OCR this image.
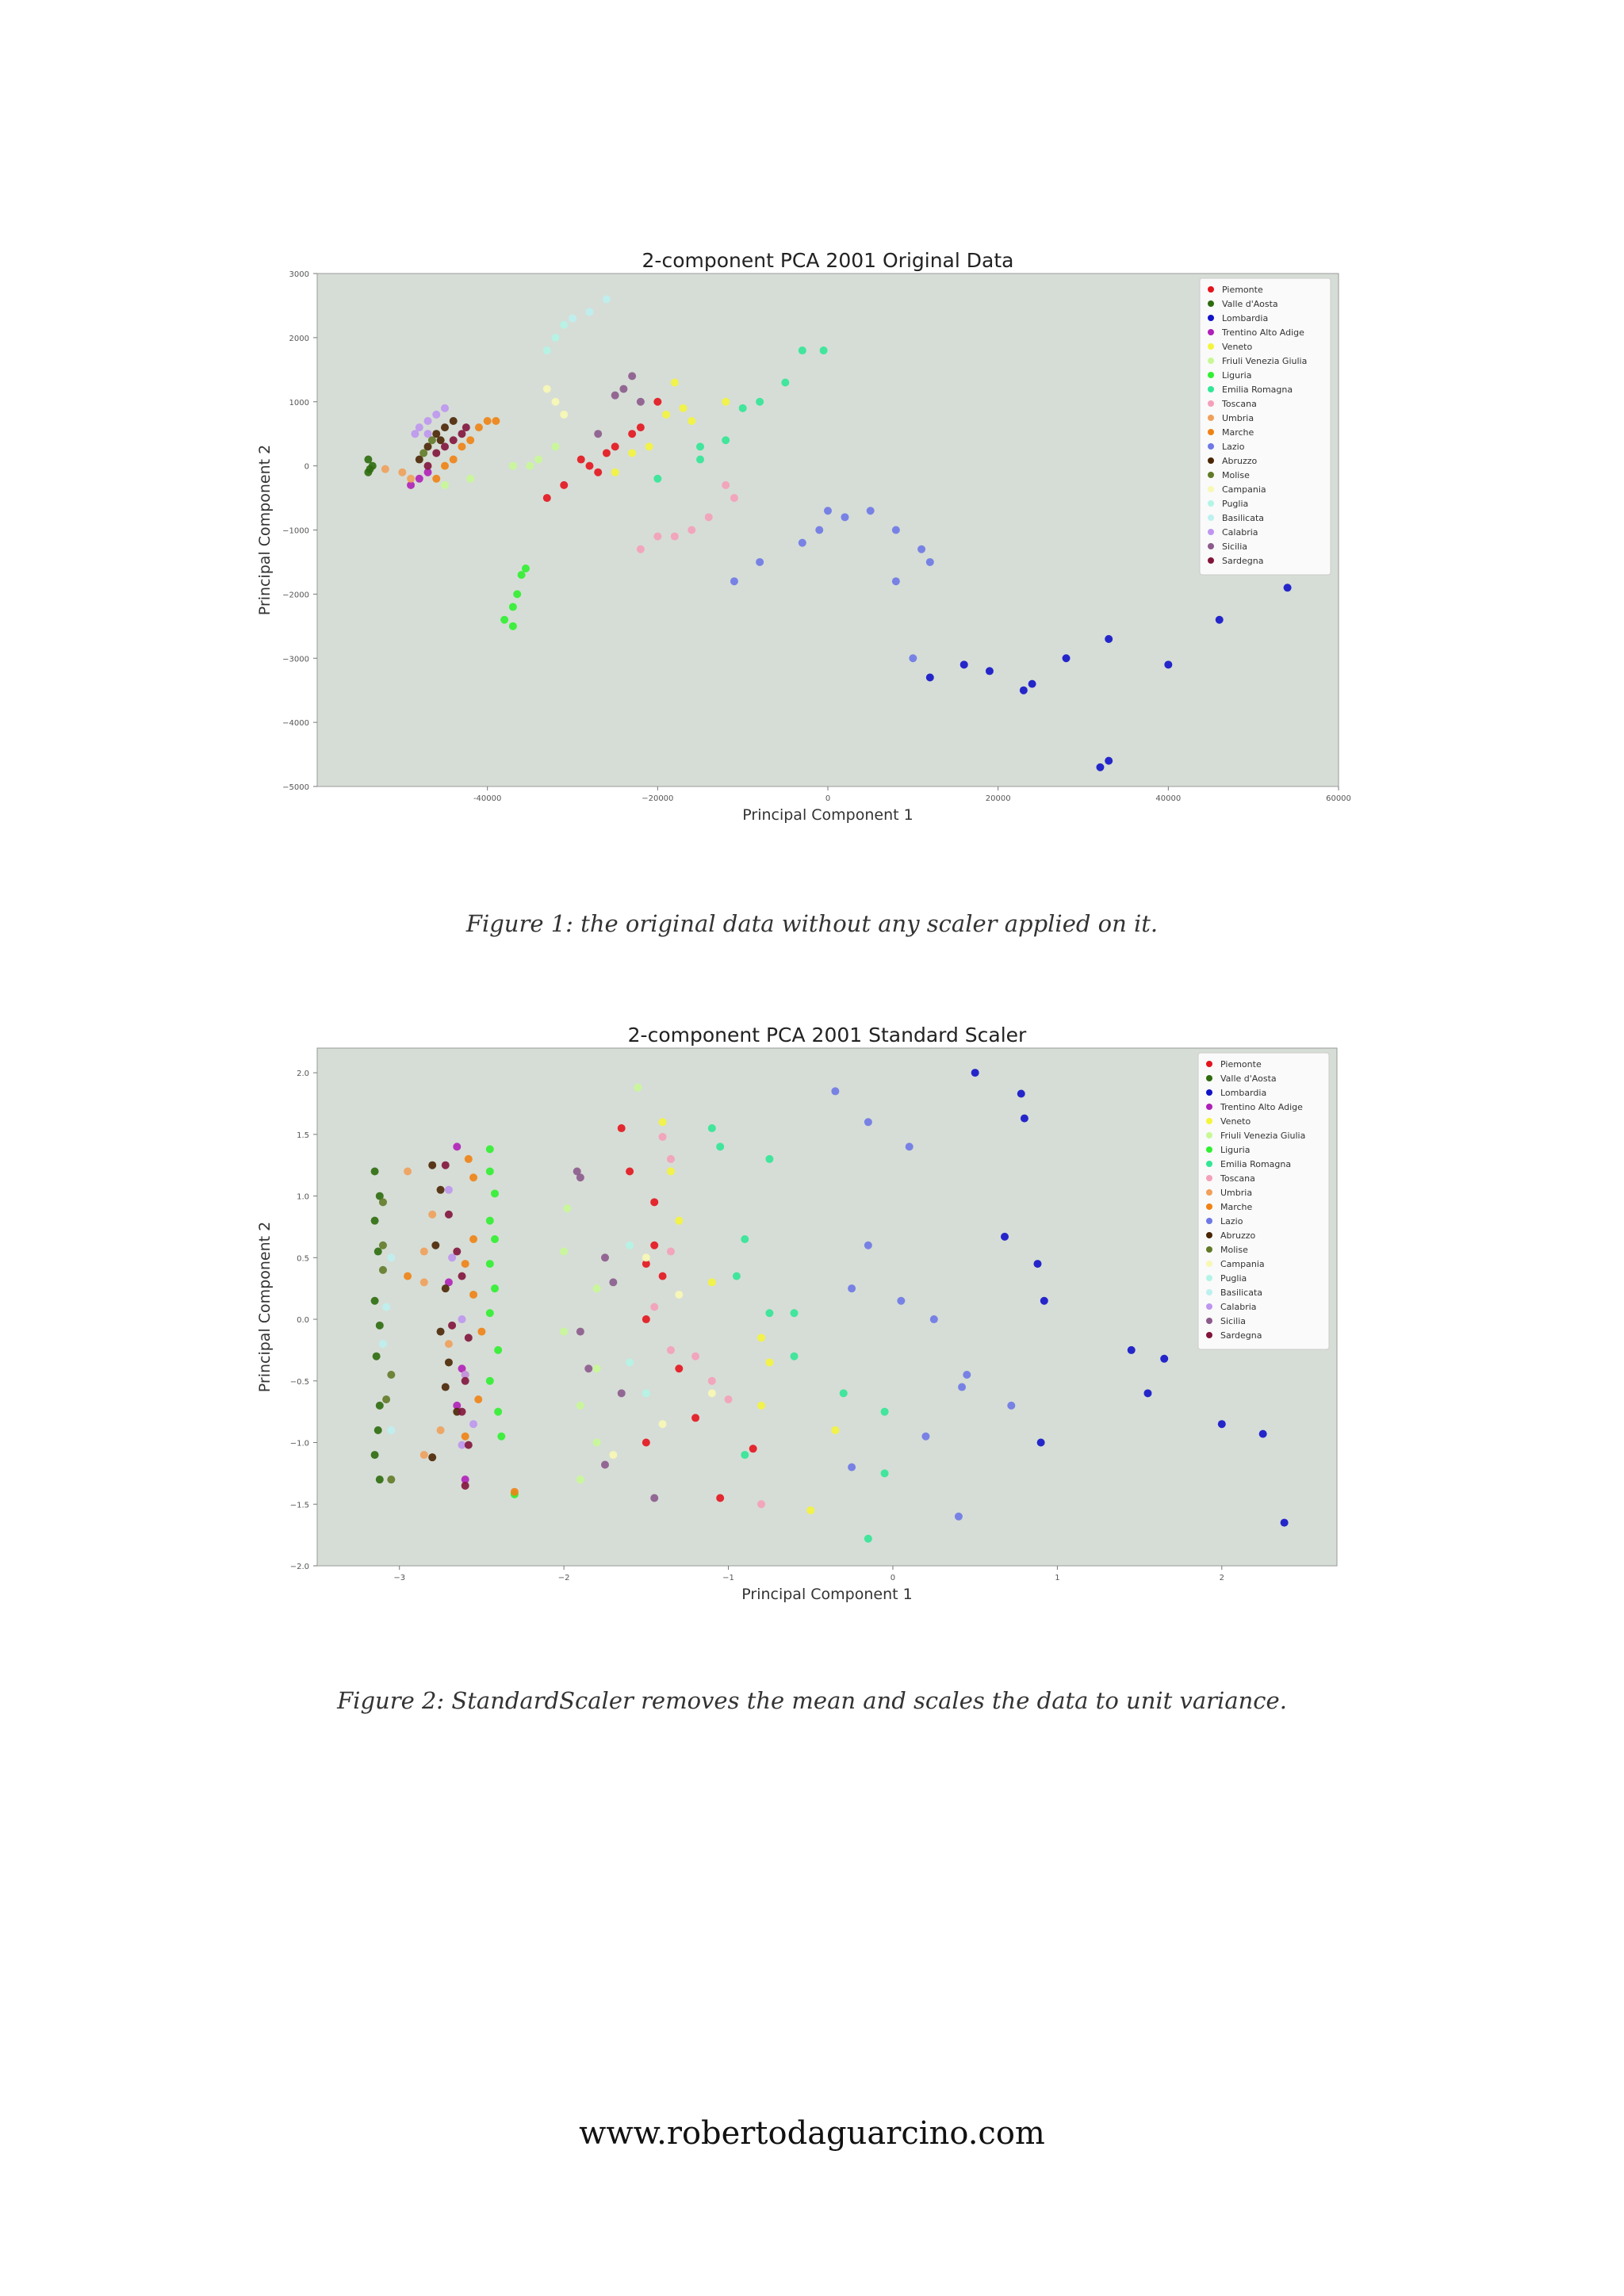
2-component PCA 2001 Original Data
Principal Component 1
Principal Component 2
-40000	−20000	0	20000	40000	60000
3000
2000
1000
0
−1000
−2000
−3000
−4000
−5000
Piemonte
Valle d'Aosta
Lombardia
Trentino Alto Adige
Veneto
Friuli Venezia Giulia
Liguria
Emilia Romagna
Toscana
Umbria
Marche
Lazio
Abruzzo
Molise
Campania
Puglia
Basilicata
Calabria
Sicilia
Sardegna
2-component PCA 2001 Standard Scaler
Principal Component 1
Principal Component 2
−3	−2	−1	0	1	2
2.0
1.5
1.0
0.5
0.0
−0.5
−1.0
−1.5
−2.0
Piemonte
Valle d'Aosta
Lombardia
Trentino Alto Adige
Veneto
Friuli Venezia Giulia
Liguria
Emilia Romagna
Toscana
Umbria
Marche
Lazio
Abruzzo
Molise
Campania
Puglia
Basilicata
Calabria
Sicilia
Sardegna
Figure 1: the original data without any scaler applied on it.
Figure 2: StandardScaler removes the mean and scales the data to unit variance.
www.robertodaguarcino.com
